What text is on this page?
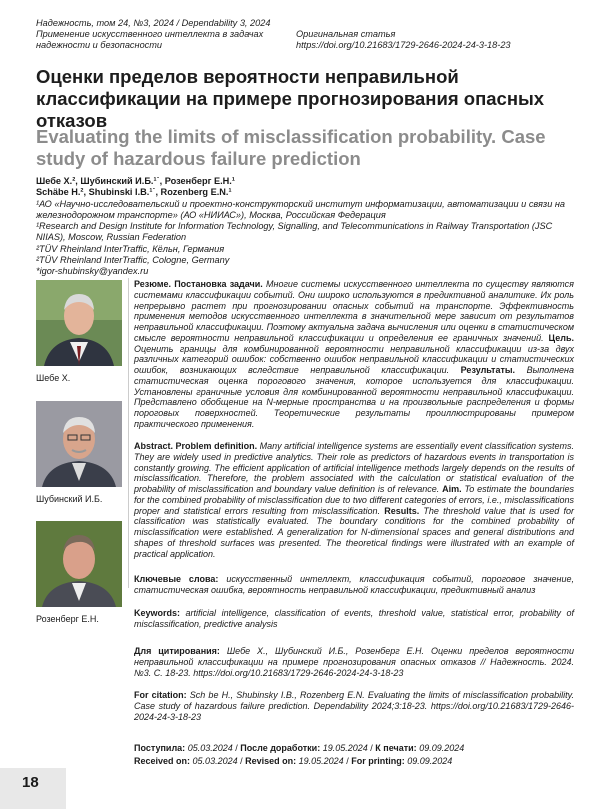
Надежность, том 24, №3, 2024 / Dependability 3, 2024
Применение искусственного интеллекта в задачах
надежности и безопасности

Оригинальная статья
https://doi.org/10.21683/1729-2646-2024-24-3-18-23
Оценки пределов вероятности неправильной классификации на примере прогнозирования опасных отказов
Evaluating the limits of misclassification probability. Case study of hazardous failure prediction
Шебе Х.², Шубинский И.Б.¹˙, Розенберг Е.Н.¹
Schäbe H.², Shubinski I.B.¹˙, Rozenberg E.N.¹
¹АО «Научно-исследовательский и проектно-конструкторский институт информатизации, автоматизации и связи на железнодорожном транспорте» (АО «НИИАС»), Москва, Российская Федерация
¹Research and Design Institute for Information Technology, Signalling, and Telecommunications in Railway Transportation (JSC NIIAS), Moscow, Russian Federation
²TÜV Rheinland InterTraffic, Кёльн, Германия
²TÜV Rheinland InterTraffic, Cologne, Germany
*igor-shubinsky@yandex.ru
Шебе Х.
Шубинский И.Б.
Розенберг Е.Н.
Резюме. Постановка задачи. Многие системы искусственного интеллекта по существу являются системами классификации событий. Они широко используются в предиктивной аналитике. Их роль непрерывно растет при прогнозировании опасных событий на транспорте. Эффективность применения методов искусственного интеллекта в значительной мере зависит от результатов неправильной классификации. Поэтому актуальна задача вычисления или оценки в статистическом смысле вероятности неправильной классификации и определения ее граничных значений. Цель. Оценить границы для комбинированной вероятности неправильной классификации из-за двух различных категорий ошибок: собственно ошибок неправильной классификации и статистических ошибок, возникающих вследствие неправильной классификации. Результаты. Выполнена статистическая оценка порогового значения, которое используется для классификации. Установлены граничные условия для комбинированной вероятности неправильной классификации. Представлено обобщение на N-мерные пространства и на произвольные распределения и формы пороговых поверхностей. Теоретические результаты проиллюстрированы примером практического применения.
Abstract. Problem definition. Many artificial intelligence systems are essentially event classification systems. They are widely used in predictive analytics. Their role as predictors of hazardous events in transportation is constantly growing. The efficient application of artificial intelligence methods largely depends on the results of misclassification. Therefore, the problem associated with the calculation or statistical evaluation of the probability of misclassification and boundary value definition is of relevance. Aim. To estimate the boundaries for the combined probability of misclassification due to two different categories of errors, i.e., misclassifications proper and statistical errors resulting from misclassification. Results. The threshold value that is used for classification was statistically evaluated. The boundary conditions for the combined probability of misclassification were established. A generalization for N-dimensional spaces and general distributions and shapes of threshold surfaces was presented. The theoretical findings were illustrated with an example of practical application.
Ключевые слова: искусственный интеллект, классификация событий, пороговое значение, статистическая ошибка, вероятность неправильной классификации, предиктивный анализ
Keywords: artificial intelligence, classification of events, threshold value, statistical error, probability of misclassification, predictive analysis
Для цитирования: Шебе Х., Шубинский И.Б., Розенберг Е.Н. Оценки пределов вероятности неправильной классификации на примере прогнозирования опасных отказов // Надежность. 2024. №3. С. 18-23. https://doi.org/10.21683/1729-2646-2024-24-3-18-23
For citation: Sch be H., Shubinsky I.B., Rozenberg E.N. Evaluating the limits of misclassification probability. Case study of hazardous failure prediction. Dependability 2024;3:18-23. https://doi.org/10.21683/1729-2646-2024-24-3-18-23
Поступила: 05.03.2024 / После доработки: 19.05.2024 / К печати: 09.09.2024
Received on: 05.03.2024 / Revised on: 19.05.2024 / For printing: 09.09.2024
18
